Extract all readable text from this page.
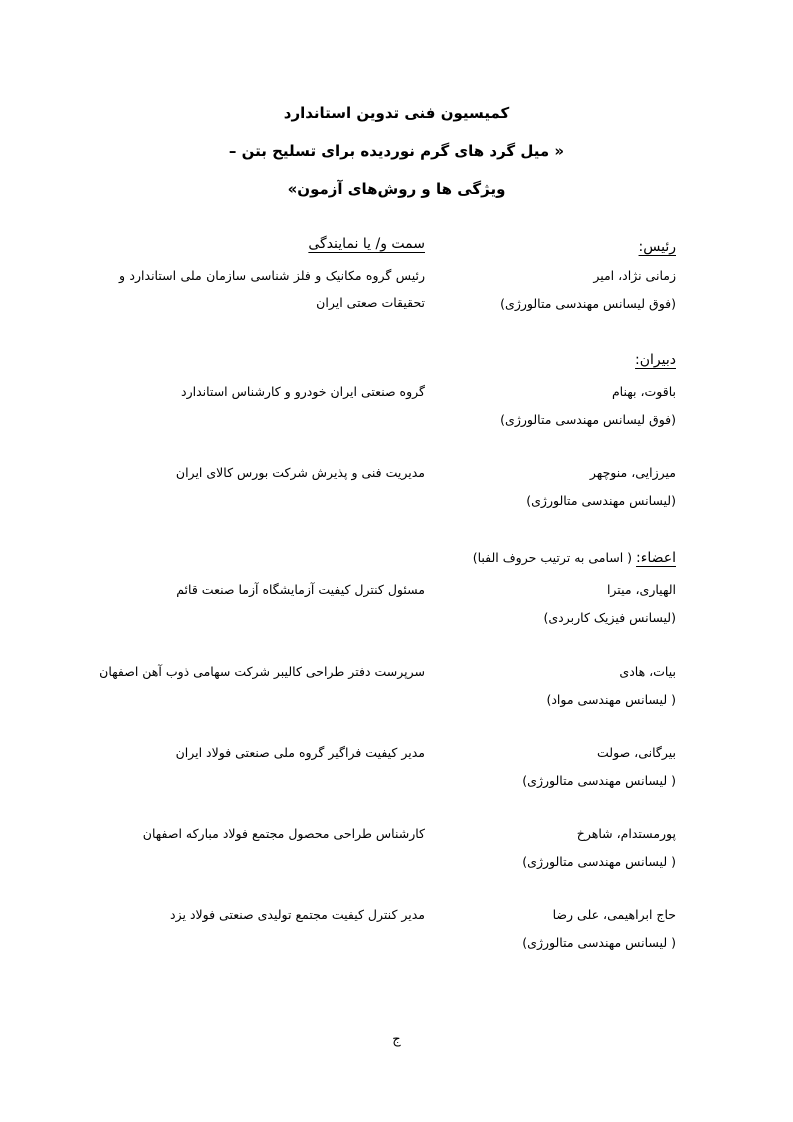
کمیسیون فنی تدوین استاندارد
« میل گرد های گرم نوردیده برای تسلیح بتن –
ویژگی ها و روش‌های آزمون»
رئیس:
سمت و/ یا نمایندگی
زمانی نژاد، امیر
(فوق لیسانس مهندسی متالورژی)
رئیس گروه مکانیک و فلز شناسی سازمان ملی استاندارد و تحقیقات صعتی ایران
دبیران:
باقوت، بهنام
(فوق لیسانس مهندسی متالورژی)
گروه صنعتی ایران خودرو و کارشناس استاندارد
میرزایی، منوچهر
(لیسانس مهندسی متالورژی)
مدیریت فنی و پذیرش شرکت بورس کالای ایران
اعضاء: ( اسامی به ترتیب حروف الفبا)
الهیاری، میترا
(لیسانس فیزیک کاربردی)
مسئول کنترل کیفیت آزمایشگاه آزما صنعت قائم
بیات، هادی
( لیسانس مهندسی مواد)
سرپرست دفتر طراحی کالیبر شرکت سهامی ذوب آهن اصفهان
بیرگانی، صولت
( لیسانس مهندسی متالورژی)
مدیر کیفیت فراگیر گروه ملی صنعتی فولاد ایران
پورمستدام، شاهرخ
( لیسانس مهندسی متالورژی)
کارشناس طراحی محصول مجتمع فولاد مبارکه اصفهان
حاج ابراهیمی، علی رضا
( لیسانس مهندسی متالورژی)
مدیر کنترل کیفیت مجتمع تولیدی صنعتی فولاد یزد
ج
